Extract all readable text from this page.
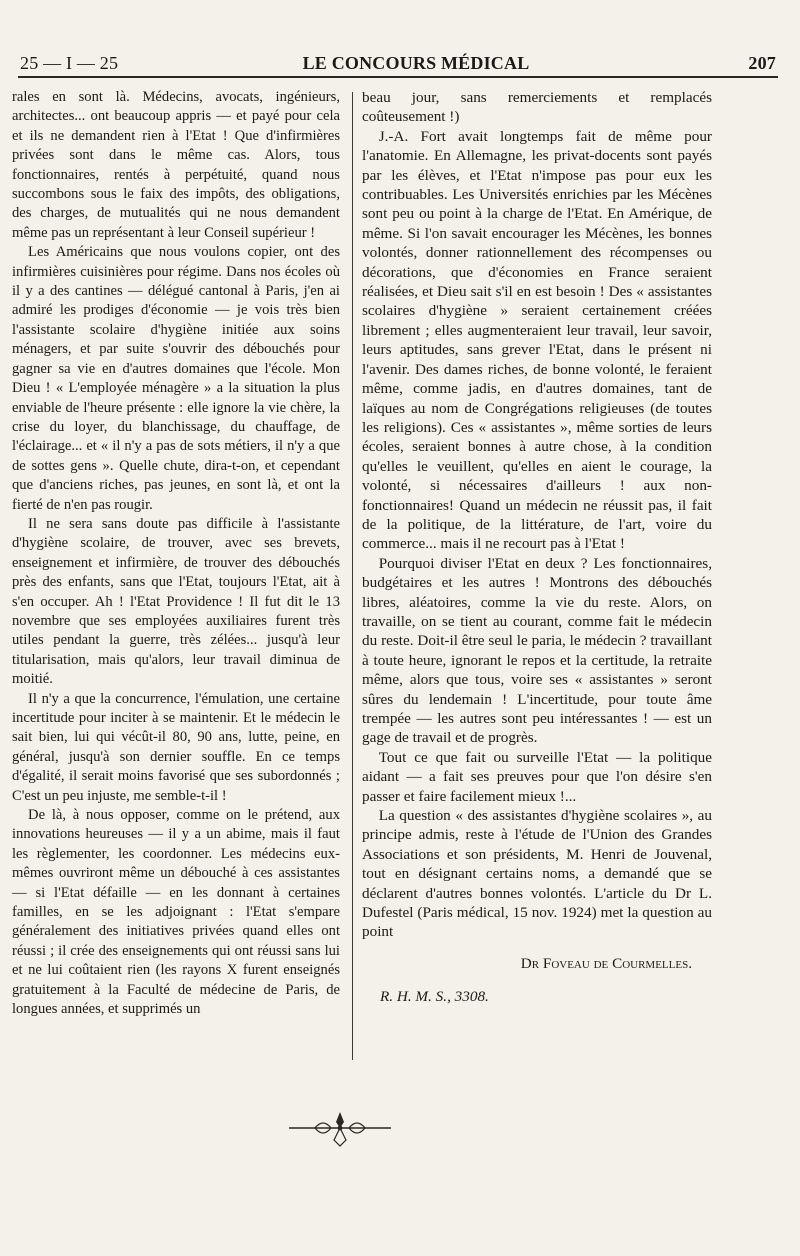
25 — I — 25	LE CONCOURS MÉDICAL	207

rales en sont là. Médecins, avocats, ingénieurs, architectes... ont beaucoup appris — et payé pour cela et ils ne demandent rien à l'Etat ! Que d'infirmières privées sont dans le même cas. Alors, tous fonctionnaires, rentés à perpétuité, quand nous succombons sous le faix des impôts, des obligations, des charges, de mutualités qui ne nous demandent même pas un représentant à leur Conseil supérieur !

Les Américains que nous voulons copier, ont des infirmières cuisinières pour régime. Dans nos écoles où il y a des cantines — délégué cantonal à Paris, j'en ai admiré les prodiges d'économie — je vois très bien l'assistante scolaire d'hygiène initiée aux soins ménagers, et par suite s'ouvrir des débouchés pour gagner sa vie en d'autres domaines que l'école. Mon Dieu ! « L'employée ménagère » a la situation la plus enviable de l'heure présente : elle ignore la vie chère, la crise du loyer, du blanchissage, du chauffage, de l'éclairage... et « il n'y a pas de sots métiers, il n'y a que de sottes gens ». Quelle chute, dira-t-on, et cependant que d'anciens riches, pas jeunes, en sont là, et ont la fierté de n'en pas rougir.

Il ne sera sans doute pas difficile à l'assistante d'hygiène scolaire, de trouver, avec ses brevets, enseignement et infirmière, de trouver des débouchés près des enfants, sans que l'Etat, toujours l'Etat, ait à s'en occuper. Ah ! l'Etat Providence ! Il fut dit le 13 novembre que ses employées auxiliaires furent très utiles pendant la guerre, très zélées... jusqu'à leur titularisation, mais qu'alors, leur travail diminua de moitié.

Il n'y a que la concurrence, l'émulation, une certaine incertitude pour inciter à se maintenir. Et le médecin le sait bien, lui qui vécût-il 80, 90 ans, lutte, peine, en général, jusqu'à son dernier souffle. En ce temps d'égalité, il serait moins favorisé que ses subordonnés ; C'est un peu injuste, me semble-t-il !

De là, à nous opposer, comme on le prétend, aux innovations heureuses — il y a un abime, mais il faut les règlementer, les coordonner. Les médecins eux-mêmes ouvriront même un débouché à ces assistantes — si l'Etat défaille — en les donnant à certaines familles, en se les adjoignant : l'Etat s'empare généralement des initiatives privées quand elles ont réussi ; il crée des enseignements qui ont réussi sans lui et ne lui coûtaient rien (les rayons X furent enseignés gratuitement à la Faculté de médecine de Paris, de longues années, et supprimés un

beau jour, sans remerciements et remplacés coûteusement !)

J.-A. Fort avait longtemps fait de même pour l'anatomie. En Allemagne, les privat-docents sont payés par les élèves, et l'Etat n'impose pas pour eux les contribuables. Les Universités enrichies par les Mécènes sont peu ou point à la charge de l'Etat. En Amérique, de même. Si l'on savait encourager les Mécènes, les bonnes volontés, donner rationnellement des récompenses ou décorations, que d'économies en France seraient réalisées, et Dieu sait s'il en est besoin ! Des « assistantes scolaires d'hygiène » seraient certainement créées librement ; elles augmenteraient leur travail, leur savoir, leurs aptitudes, sans grever l'Etat, dans le présent ni l'avenir. Des dames riches, de bonne volonté, le feraient même, comme jadis, en d'autres domaines, tant de laïques au nom de Congrégations religieuses (de toutes les religions). Ces « assistantes », même sorties de leurs écoles, seraient bonnes à autre chose, à la condition qu'elles le veuillent, qu'elles en aient le courage, la volonté, si nécessaires d'ailleurs ! aux non-fonctionnaires! Quand un médecin ne réussit pas, il fait de la politique, de la littérature, de l'art, voire du commerce... mais il ne recourt pas à l'Etat !

Pourquoi diviser l'Etat en deux ? Les fonctionnaires, budgétaires et les autres ! Montrons des débouchés libres, aléatoires, comme la vie du reste. Alors, on travaille, on se tient au courant, comme fait le médecin du reste. Doit-il être seul le paria, le médecin ? travaillant à toute heure, ignorant le repos et la certitude, la retraite même, alors que tous, voire ses « assistantes » seront sûres du lendemain ! L'incertitude, pour toute âme trempée — les autres sont peu intéressantes ! — est un gage de travail et de progrès.

Tout ce que fait ou surveille l'Etat — la politique aidant — a fait ses preuves pour que l'on désire s'en passer et faire facilement mieux !...

La question « des assistantes d'hygiène scolaires », au principe admis, reste à l'étude de l'Union des Grandes Associations et son présidents, M. Henri de Jouvenal, tout en désignant certains noms, a demandé que se déclarent d'autres bonnes volontés. L'article du Dr L. Dufestel (Paris médical, 15 nov. 1924) met la question au point

Dr Foveau de Courmelles.

R. H. M. S., 3308.
